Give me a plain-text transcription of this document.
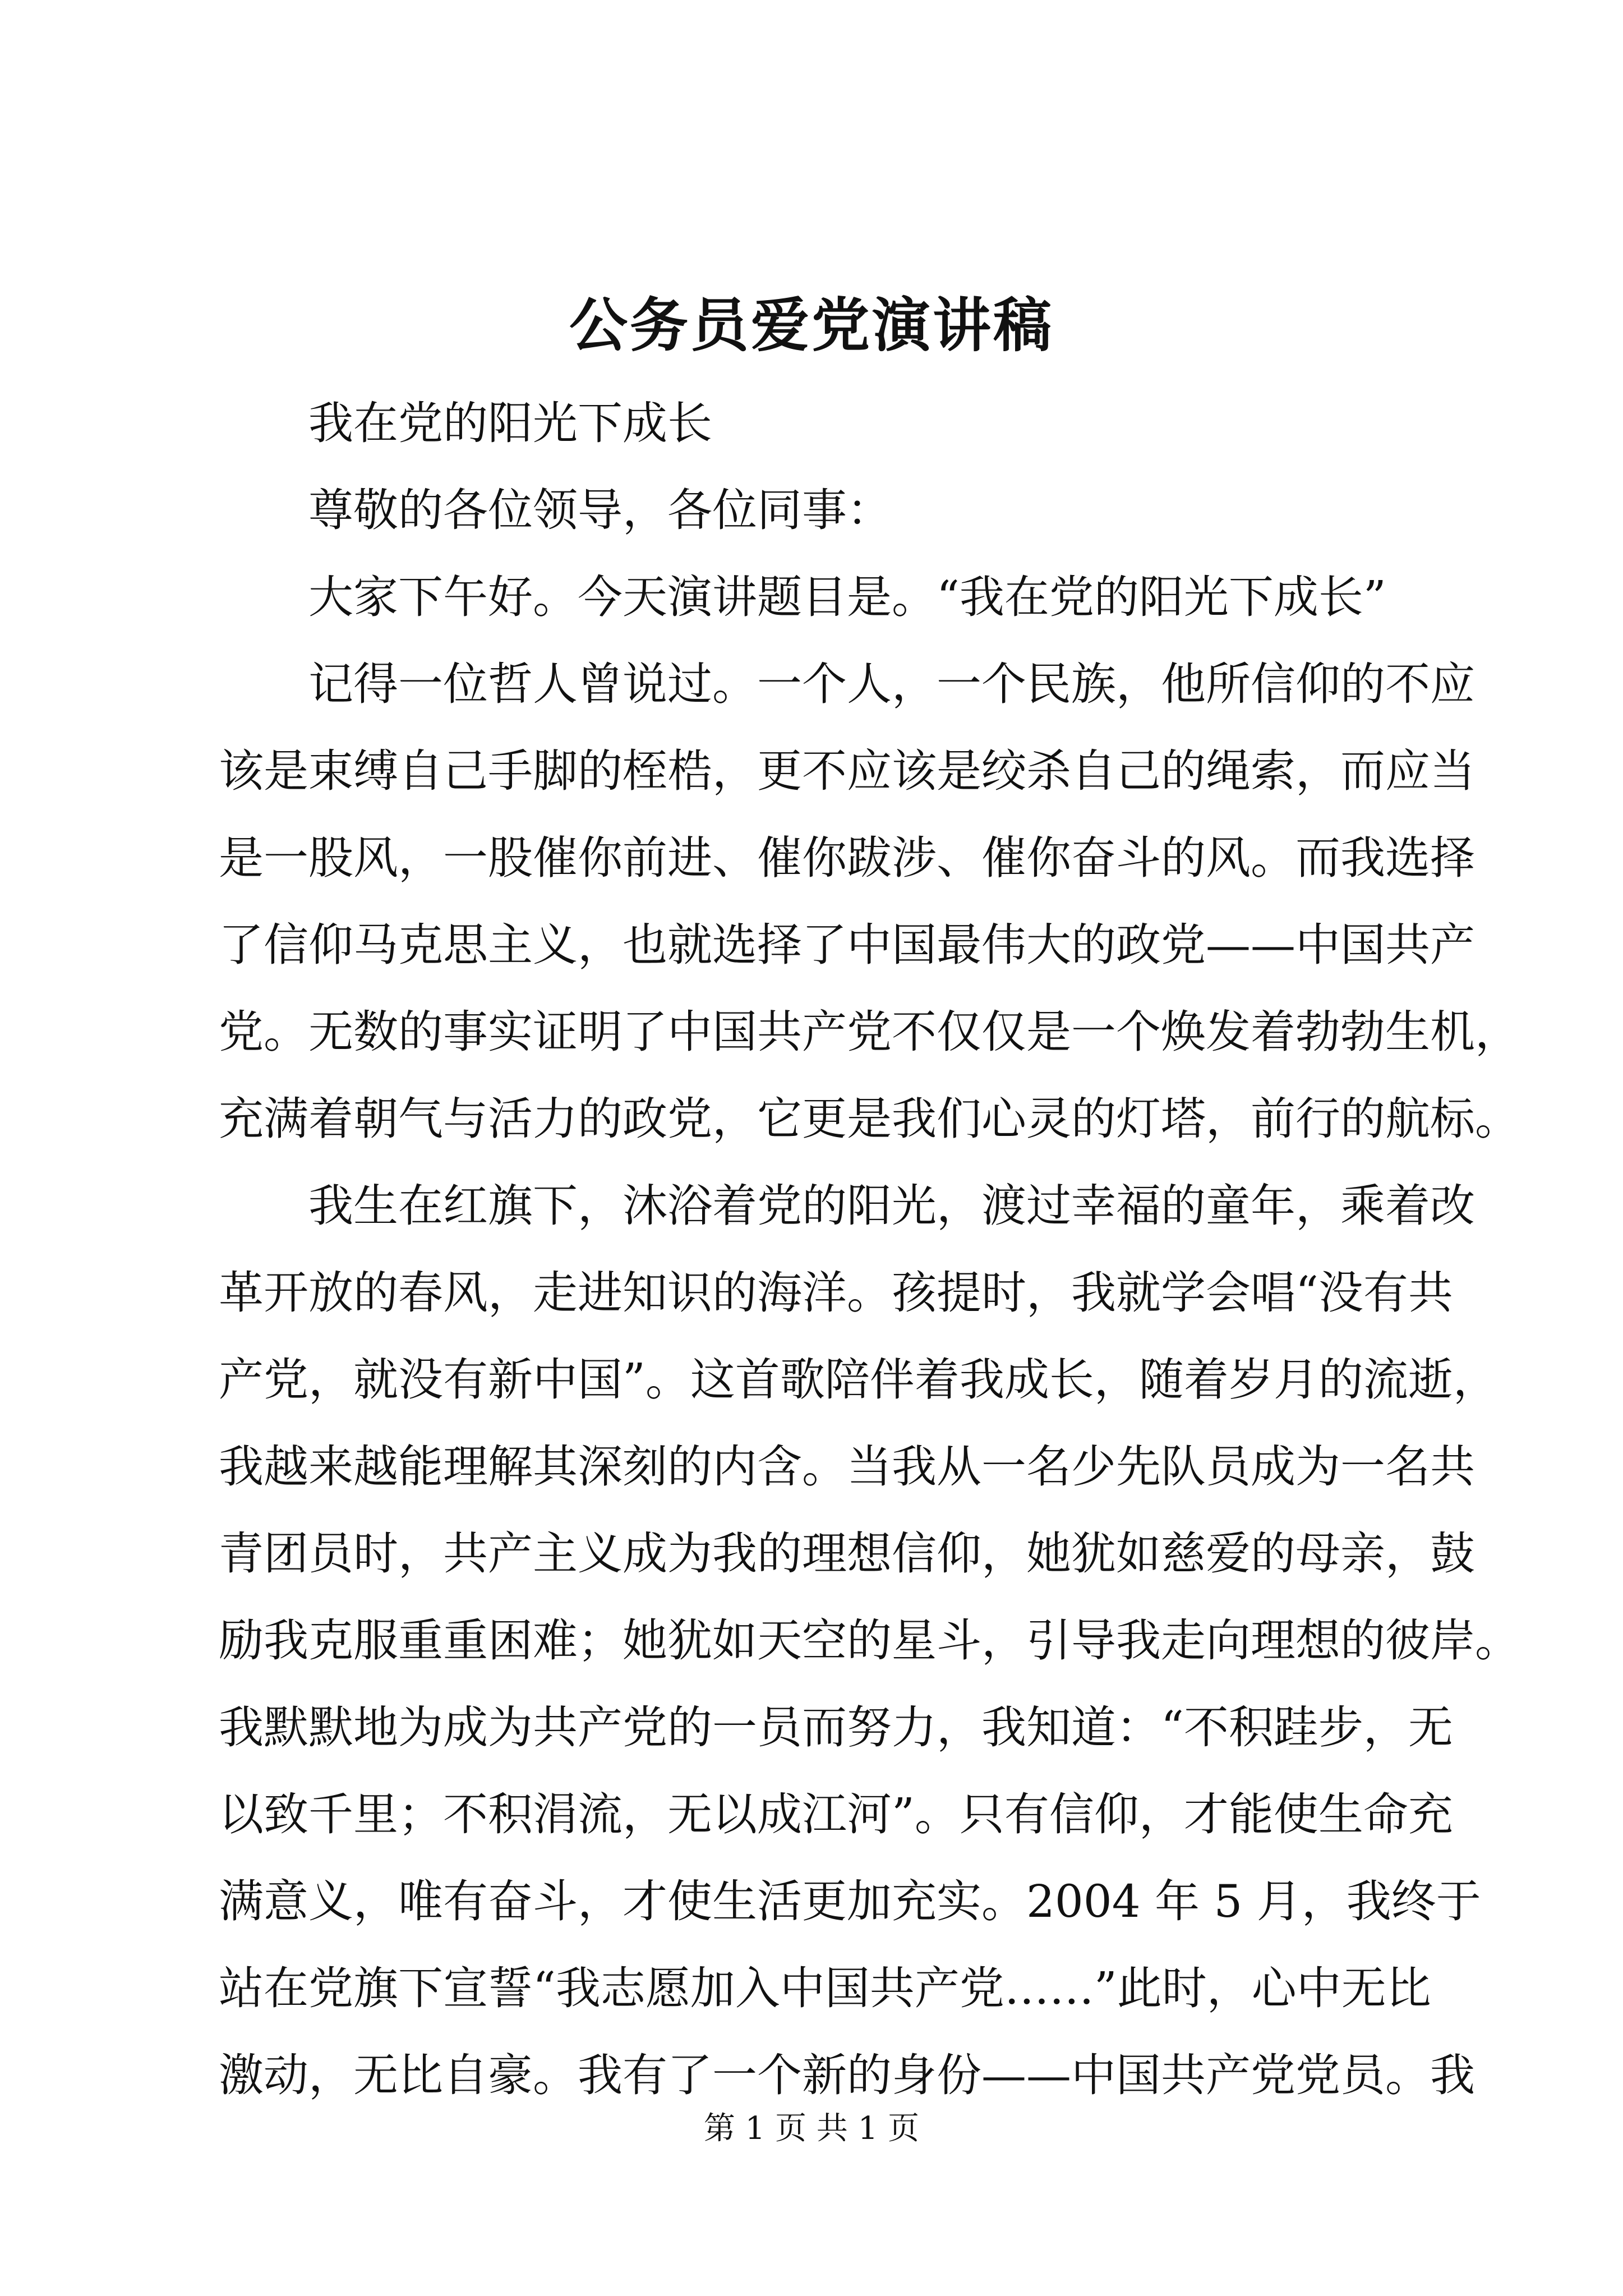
公务员爱党演讲稿
我在党的阳光下成长
尊敬的各位领导，各位同事：
大家下午好。今天演讲题目是。“我在党的阳光下成长”
记得一位哲人曾说过。一个人，一个民族，他所信仰的不应
该是束缚自己手脚的桎梏，更不应该是绞杀自己的绳索，而应当
是一股风，一股催你前进、催你跋涉、催你奋斗的风。而我选择
了信仰马克思主义，也就选择了中国最伟大的政党——中国共产
党。无数的事实证明了中国共产党不仅仅是一个焕发着勃勃生机，
充满着朝气与活力的政党，它更是我们心灵的灯塔，前行的航标。
我生在红旗下，沐浴着党的阳光，渡过幸福的童年，乘着改
革开放的春风，走进知识的海洋。孩提时，我就学会唱“没有共
产党，就没有新中国”。这首歌陪伴着我成长，随着岁月的流逝，
我越来越能理解其深刻的内含。当我从一名少先队员成为一名共
青团员时，共产主义成为我的理想信仰，她犹如慈爱的母亲，鼓
励我克服重重困难；她犹如天空的星斗，引导我走向理想的彼岸。
我默默地为成为共产党的一员而努力，我知道：“不积跬步，无
以致千里；不积涓流，无以成江河”。只有信仰，才能使生命充
满意义，唯有奋斗，才使生活更加充实。2004 年 5 月，我终于
站在党旗下宣誓“我志愿加入中国共产党……”此时，心中无比
激动，无比自豪。我有了一个新的身份——中国共产党党员。我
第 1 页 共 1 页
